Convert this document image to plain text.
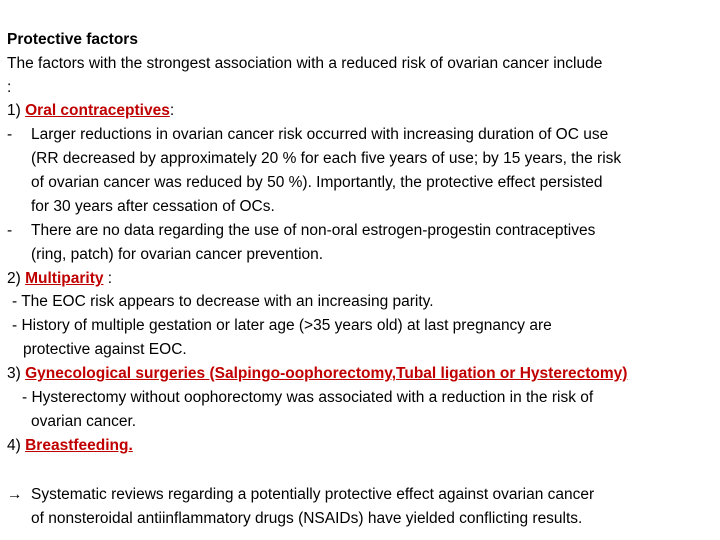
Protective factors
The factors with the strongest association with a reduced risk of ovarian cancer include
:
1) Oral contraceptives:
- Larger reductions in ovarian cancer risk occurred with increasing duration of OC use
(RR decreased by approximately 20 % for each five years of use; by 15 years, the risk
of ovarian cancer was reduced by 50 %). Importantly, the protective effect persisted
for 30 years after cessation of OCs.
- There are no data regarding the use of non-oral estrogen-progestin contraceptives
(ring, patch) for ovarian cancer prevention.
2) Multiparity :
- The EOC risk appears to decrease with an increasing parity.
- History of multiple gestation or later age (>35 years old) at last pregnancy are
protective against EOC.
3) Gynecological surgeries (Salpingo-oophorectomy,Tubal ligation or Hysterectomy)
- Hysterectomy without oophorectomy was associated with a reduction in the risk of
ovarian cancer.
4) Breastfeeding.
→ Systematic reviews regarding a potentially protective effect against ovarian cancer
of nonsteroidal antiinflammatory drugs (NSAIDs) have yielded conflicting results.
